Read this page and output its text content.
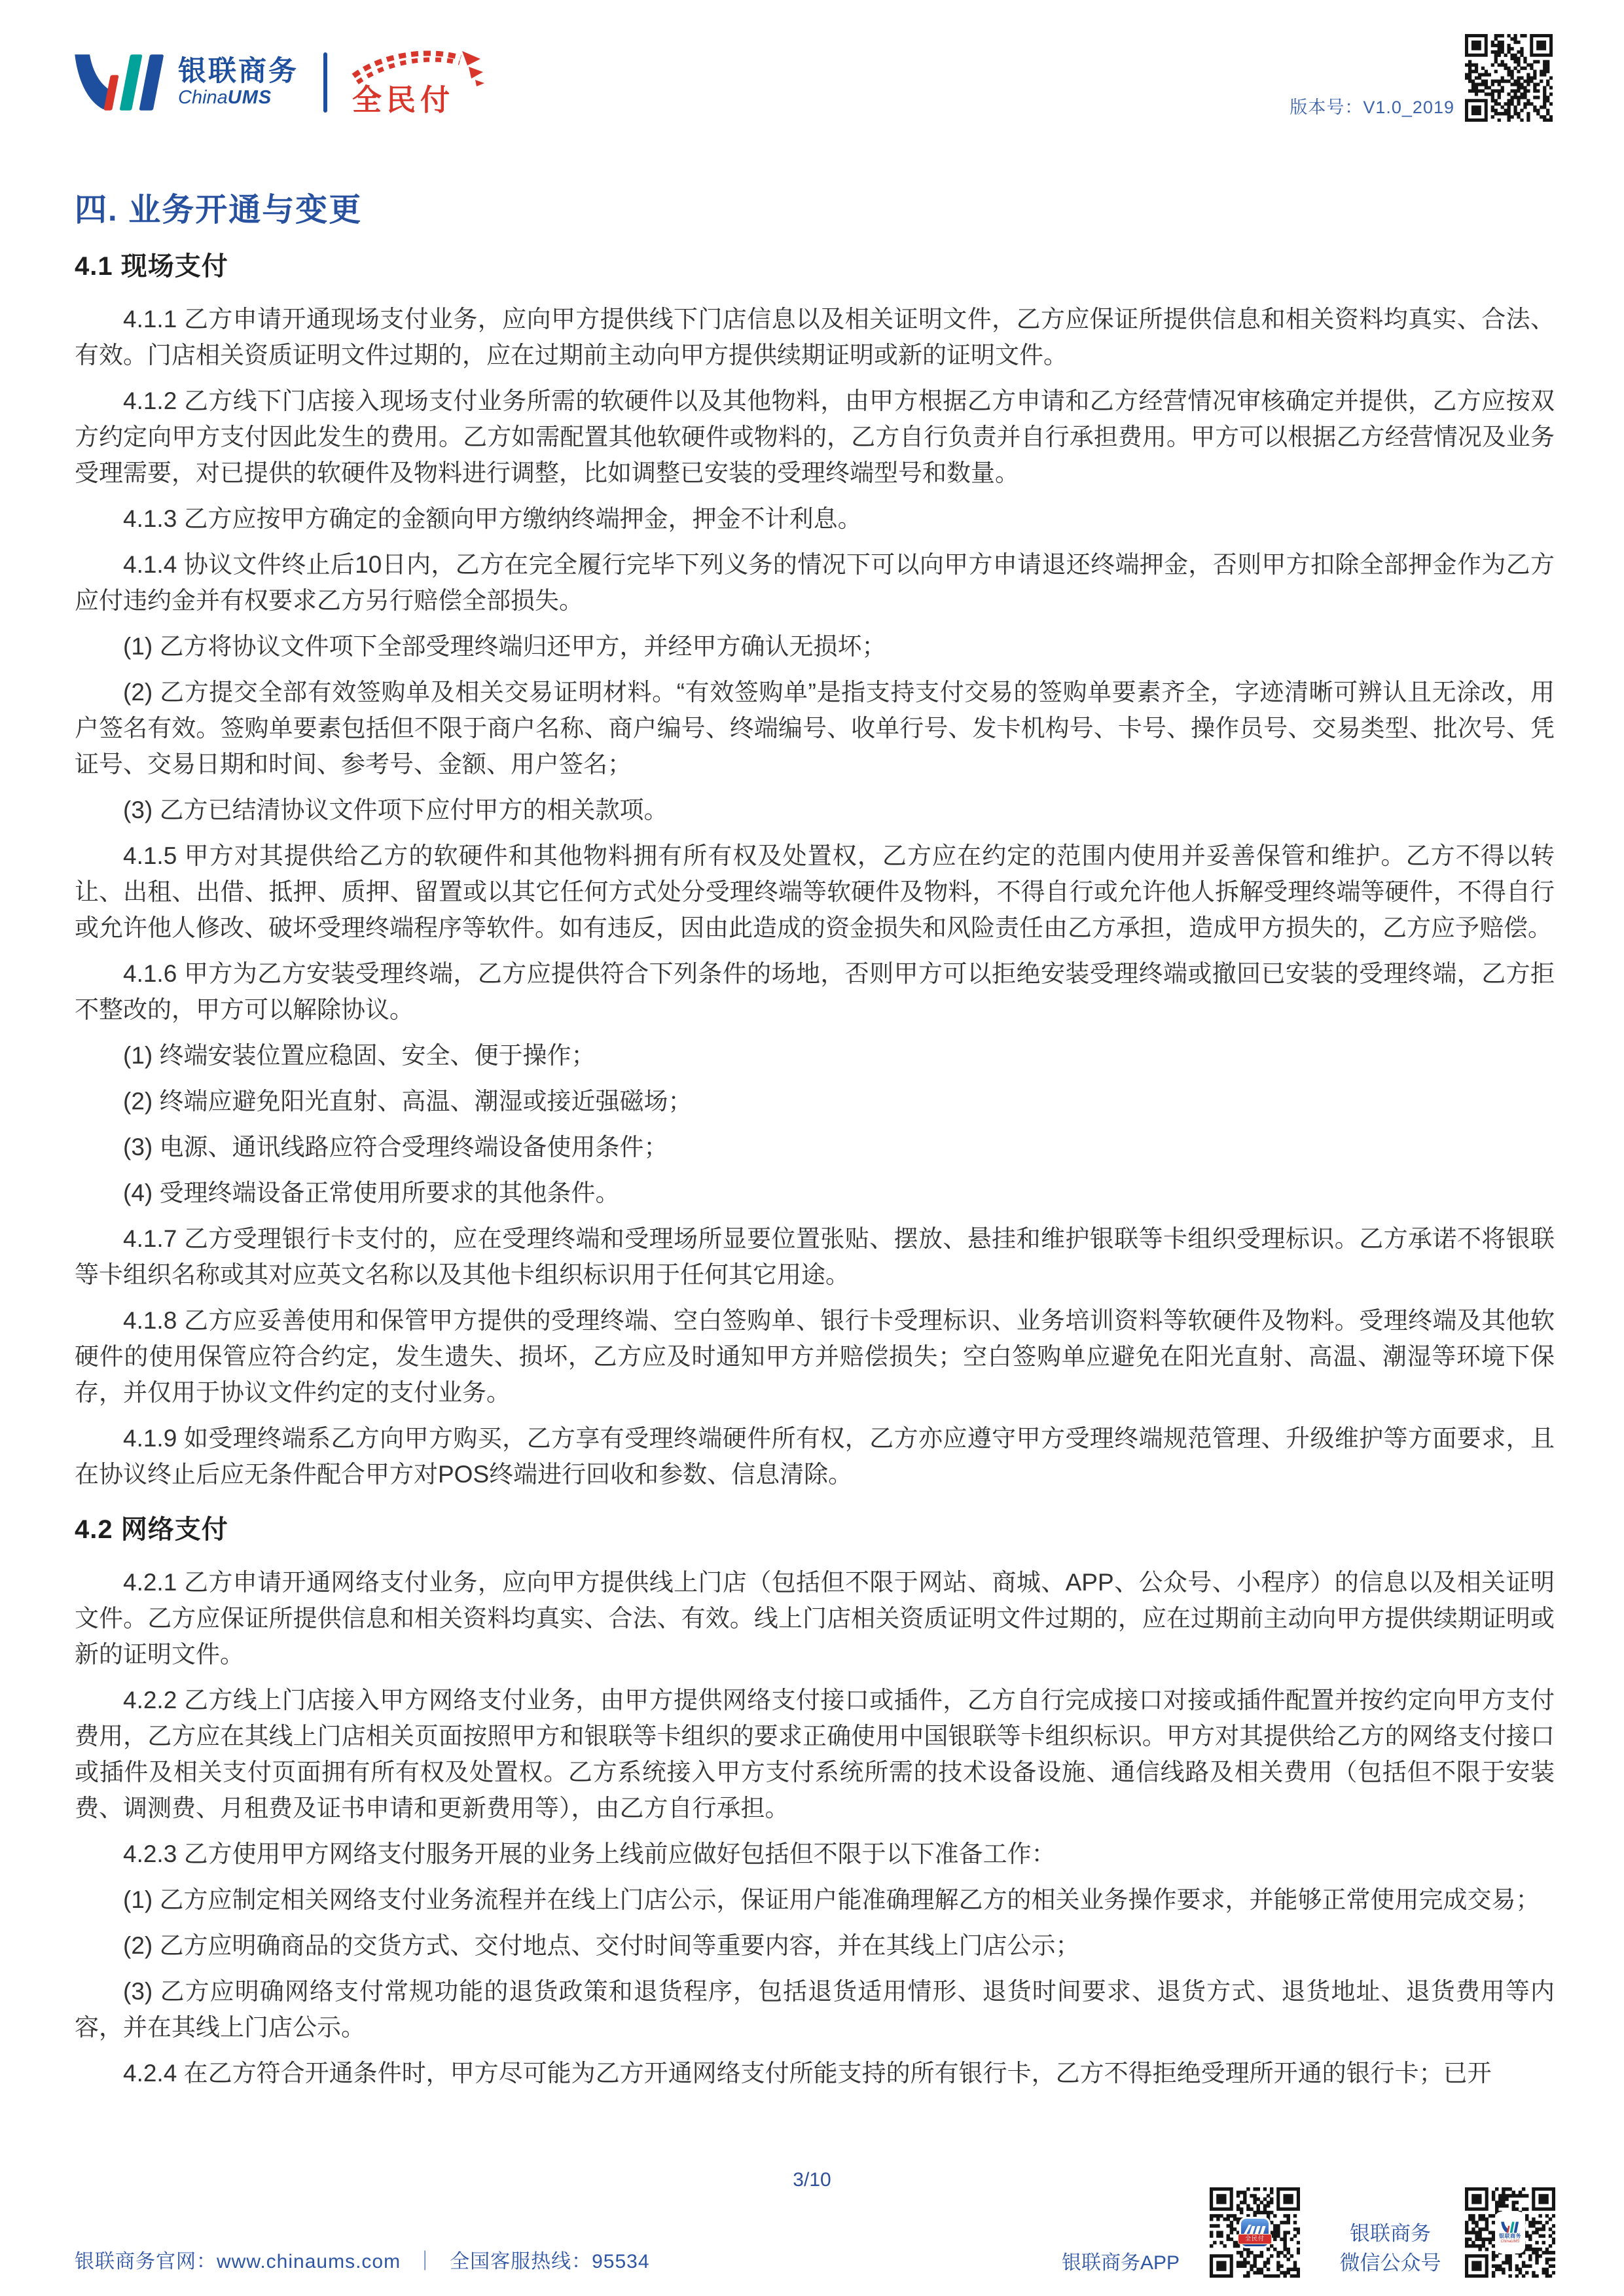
银联商务
ChinaUMS	全民付	版本号：V1.0_2019
四. 业务开通与变更
4.1 现场支付

4.1.1 乙方申请开通现场支付业务，应向甲方提供线下门店信息以及相关证明文件，乙方应保证所提供信息和相关资料均真实、合法、有效。门店相关资质证明文件过期的，应在过期前主动向甲方提供续期证明或新的证明文件。

4.1.2 乙方线下门店接入现场支付业务所需的软硬件以及其他物料，由甲方根据乙方申请和乙方经营情况审核确定并提供，乙方应按双方约定向甲方支付因此发生的费用。乙方如需配置其他软硬件或物料的，乙方自行负责并自行承担费用。甲方可以根据乙方经营情况及业务受理需要，对已提供的软硬件及物料进行调整，比如调整已安装的受理终端型号和数量。

4.1.3 乙方应按甲方确定的金额向甲方缴纳终端押金，押金不计利息。

4.1.4 协议文件终止后10日内，乙方在完全履行完毕下列义务的情况下可以向甲方申请退还终端押金，否则甲方扣除全部押金作为乙方应付违约金并有权要求乙方另行赔偿全部损失。

(1) 乙方将协议文件项下全部受理终端归还甲方，并经甲方确认无损坏；

(2) 乙方提交全部有效签购单及相关交易证明材料。“有效签购单”是指支持支付交易的签购单要素齐全，字迹清晰可辨认且无涂改，用户签名有效。签购单要素包括但不限于商户名称、商户编号、终端编号、收单行号、发卡机构号、卡号、操作员号、交易类型、批次号、凭证号、交易日期和时间、参考号、金额、用户签名；

(3) 乙方已结清协议文件项下应付甲方的相关款项。

4.1.5 甲方对其提供给乙方的软硬件和其他物料拥有所有权及处置权，乙方应在约定的范围内使用并妥善保管和维护。乙方不得以转让、出租、出借、抵押、质押、留置或以其它任何方式处分受理终端等软硬件及物料，不得自行或允许他人拆解受理终端等硬件，不得自行或允许他人修改、破坏受理终端程序等软件。如有违反，因由此造成的资金损失和风险责任由乙方承担，造成甲方损失的，乙方应予赔偿。

4.1.6 甲方为乙方安装受理终端，乙方应提供符合下列条件的场地，否则甲方可以拒绝安装受理终端或撤回已安装的受理终端，乙方拒不整改的，甲方可以解除协议。

(1) 终端安装位置应稳固、安全、便于操作；

(2) 终端应避免阳光直射、高温、潮湿或接近强磁场；

(3) 电源、通讯线路应符合受理终端设备使用条件；

(4) 受理终端设备正常使用所要求的其他条件。

4.1.7 乙方受理银行卡支付的，应在受理终端和受理场所显要位置张贴、摆放、悬挂和维护银联等卡组织受理标识。乙方承诺不将银联等卡组织名称或其对应英文名称以及其他卡组织标识用于任何其它用途。

4.1.8 乙方应妥善使用和保管甲方提供的受理终端、空白签购单、银行卡受理标识、业务培训资料等软硬件及物料。受理终端及其他软硬件的使用保管应符合约定，发生遗失、损坏，乙方应及时通知甲方并赔偿损失；空白签购单应避免在阳光直射、高温、潮湿等环境下保存，并仅用于协议文件约定的支付业务。

4.1.9 如受理终端系乙方向甲方购买，乙方享有受理终端硬件所有权，乙方亦应遵守甲方受理终端规范管理、升级维护等方面要求，且在协议终止后应无条件配合甲方对POS终端进行回收和参数、信息清除。

4.2 网络支付

4.2.1 乙方申请开通网络支付业务，应向甲方提供线上门店（包括但不限于网站、商城、APP、公众号、小程序）的信息以及相关证明文件。乙方应保证所提供信息和相关资料均真实、合法、有效。线上门店相关资质证明文件过期的，应在过期前主动向甲方提供续期证明或新的证明文件。

4.2.2 乙方线上门店接入甲方网络支付业务，由甲方提供网络支付接口或插件，乙方自行完成接口对接或插件配置并按约定向甲方支付费用，乙方应在其线上门店相关页面按照甲方和银联等卡组织的要求正确使用中国银联等卡组织标识。甲方对其提供给乙方的网络支付接口或插件及相关支付页面拥有所有权及处置权。乙方系统接入甲方支付系统所需的技术设备设施、通信线路及相关费用（包括但不限于安装费、调测费、月租费及证书申请和更新费用等），由乙方自行承担。

4.2.3 乙方使用甲方网络支付服务开展的业务上线前应做好包括但不限于以下准备工作：

(1) 乙方应制定相关网络支付业务流程并在线上门店公示，保证用户能准确理解乙方的相关业务操作要求，并能够正常使用完成交易；

(2) 乙方应明确商品的交货方式、交付地点、交付时间等重要内容，并在其线上门店公示；

(3) 乙方应明确网络支付常规功能的退货政策和退货程序，包括退货适用情形、退货时间要求、退货方式、退货地址、退货费用等内容，并在其线上门店公示。

4.2.4 在乙方符合开通条件时，甲方尽可能为乙方开通网络支付所能支持的所有银行卡，乙方不得拒绝受理所开通的银行卡；已开

3/10
银联商务官网：www.chinaums.com ｜ 全国客服热线：95534	银联商务APP
全民付	银联商务
微信公众号
银联商务
ChinaUMS
